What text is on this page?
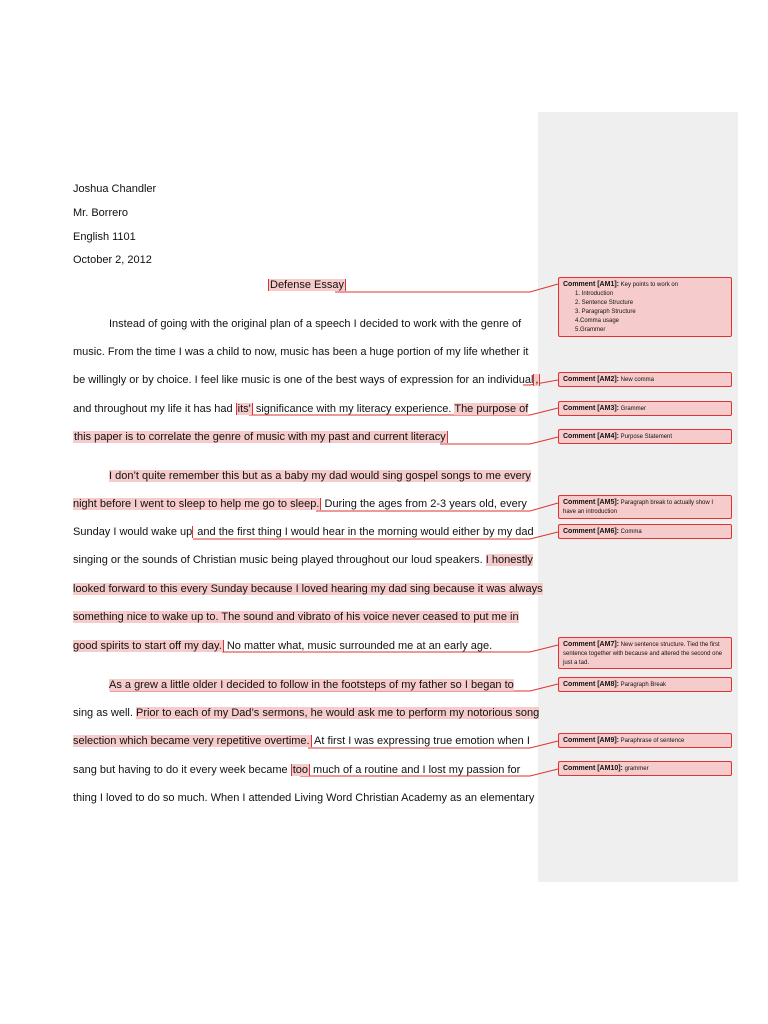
Joshua Chandler
Mr. Borrero
English 1101
October 2, 2012
Defense Essay
Instead of going with the original plan of a speech I decided to work with the genre of
music. From the time I was a child to now, music has been a huge portion of my life whether it
be willingly or by choice. I feel like music is one of the best ways of expression for an individual ,
and throughout my life it has had its' significance with my literacy experience. The purpose of
this paper is to correlate the genre of music with my past and current literacy
I don’t quite remember this but as a baby my dad would sing gospel songs to me every
night before I went to sleep to help me go to sleep. During the ages from 2-3 years old, every
Sunday I would wake up and the first thing I would hear in the morning would either by my dad
singing or the sounds of Christian music being played throughout our loud speakers. I honestly
looked forward to this every Sunday because I loved hearing my dad sing because it was always
something nice to wake up to. The sound and vibrato of his voice never ceased to put me in
good spirits to start off my day. No matter what, music surrounded me at an early age.
As a grew a little older I decided to follow in the footsteps of my father so I began to
sing as well. Prior to each of my Dad’s sermons, he would ask me to perform my notorious song
selection which became very repetitive overtime. At first I was expressing true emotion when I
sang but having to do it every week became too much of a routine and I lost my passion for
thing I loved to do so much. When I attended Living Word Christian Academy as an elementary
Comment [AM1]: Key points to work on
1. Introduction
2. Sentence Structure
3. Paragraph Structure
4.Comma usage
5.Grammer
Comment [AM2]: New comma
Comment [AM3]: Grammer
Comment [AM4]: Purpose Statement
Comment [AM5]: Paragraph break to actually show I have an introduction
Comment [AM6]: Comma
Comment [AM7]: New sentence structure. Tied the first sentence together with because and altered the second one just a tad.
Comment [AM8]: Paragraph Break
Comment [AM9]: Paraphrase of sentence
Comment [AM10]: grammer
